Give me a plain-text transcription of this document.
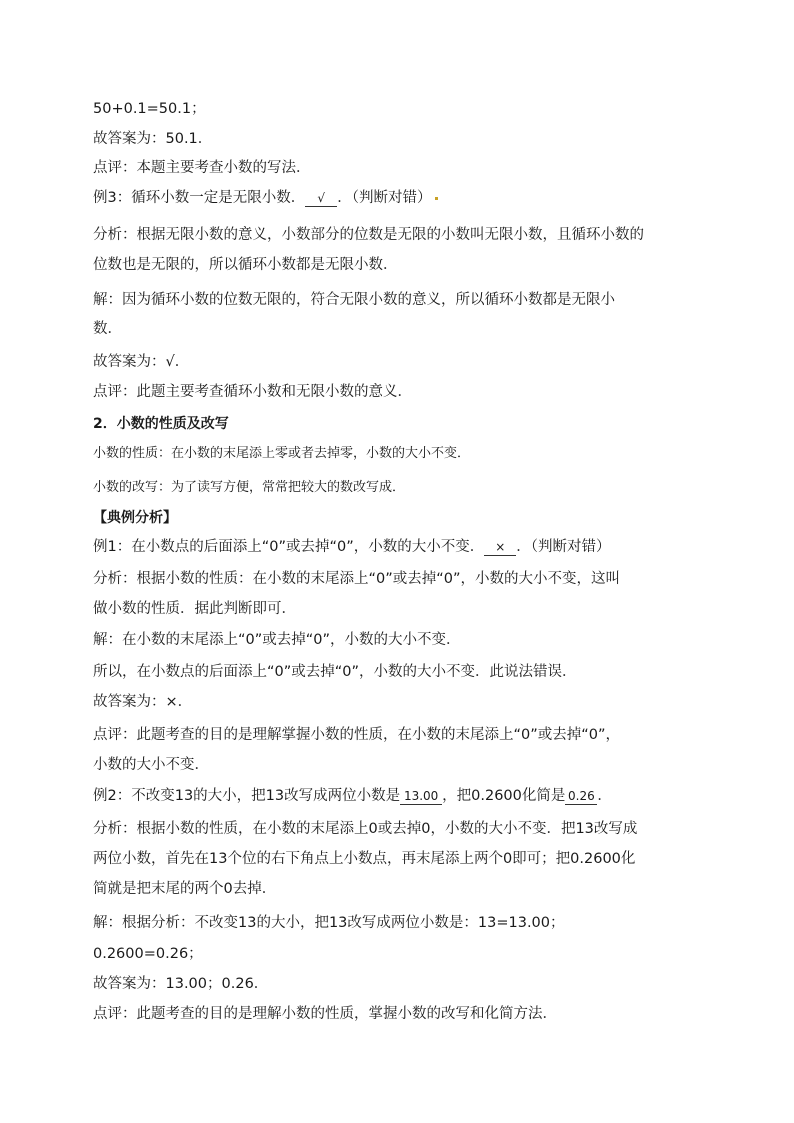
50+0.1=50.1；
故答案为：50.1．
点评：本题主要考查小数的写法．
例3：循环小数一定是无限小数． √ ．（判断对错）
分析：根据无限小数的意义，小数部分的位数是无限的小数叫无限小数，且循环小数的
位数也是无限的，所以循环小数都是无限小数．
解：因为循环小数的位数无限的，符合无限小数的意义，所以循环小数都是无限小
数．
故答案为：√．
点评：此题主要考查循环小数和无限小数的意义．
2．小数的性质及改写
小数的性质：在小数的末尾添上零或者去掉零，小数的大小不变．
小数的改写：为了读写方便，常常把较大的数改写成．
【典例分析】
例1：在小数点的后面添上“0”或去掉“0”，小数的大小不变． × ．（判断对错）
分析：根据小数的性质：在小数的末尾添上“0”或去掉“0”，小数的大小不变，这叫
做小数的性质．据此判断即可．
解：在小数的末尾添上“0”或去掉“0”，小数的大小不变．
所以，在小数点的后面添上“0”或去掉“0”，小数的大小不变．此说法错误．
故答案为：×．
点评：此题考查的目的是理解掌握小数的性质，在小数的末尾添上“0”或去掉“0”，
小数的大小不变．
例2：不改变13的大小，把13改写成两位小数是 13.00 ，把0.2600化简是 0.26 ．
分析：根据小数的性质，在小数的末尾添上0或去掉0，小数的大小不变．把13改写成
两位小数，首先在13个位的右下角点上小数点，再末尾添上两个0即可；把0.2600化
简就是把末尾的两个0去掉．
解：根据分析：不改变13的大小，把13改写成两位小数是：13=13.00；
0.2600=0.26；
故答案为：13.00；0.26．
点评：此题考查的目的是理解小数的性质，掌握小数的改写和化简方法．
